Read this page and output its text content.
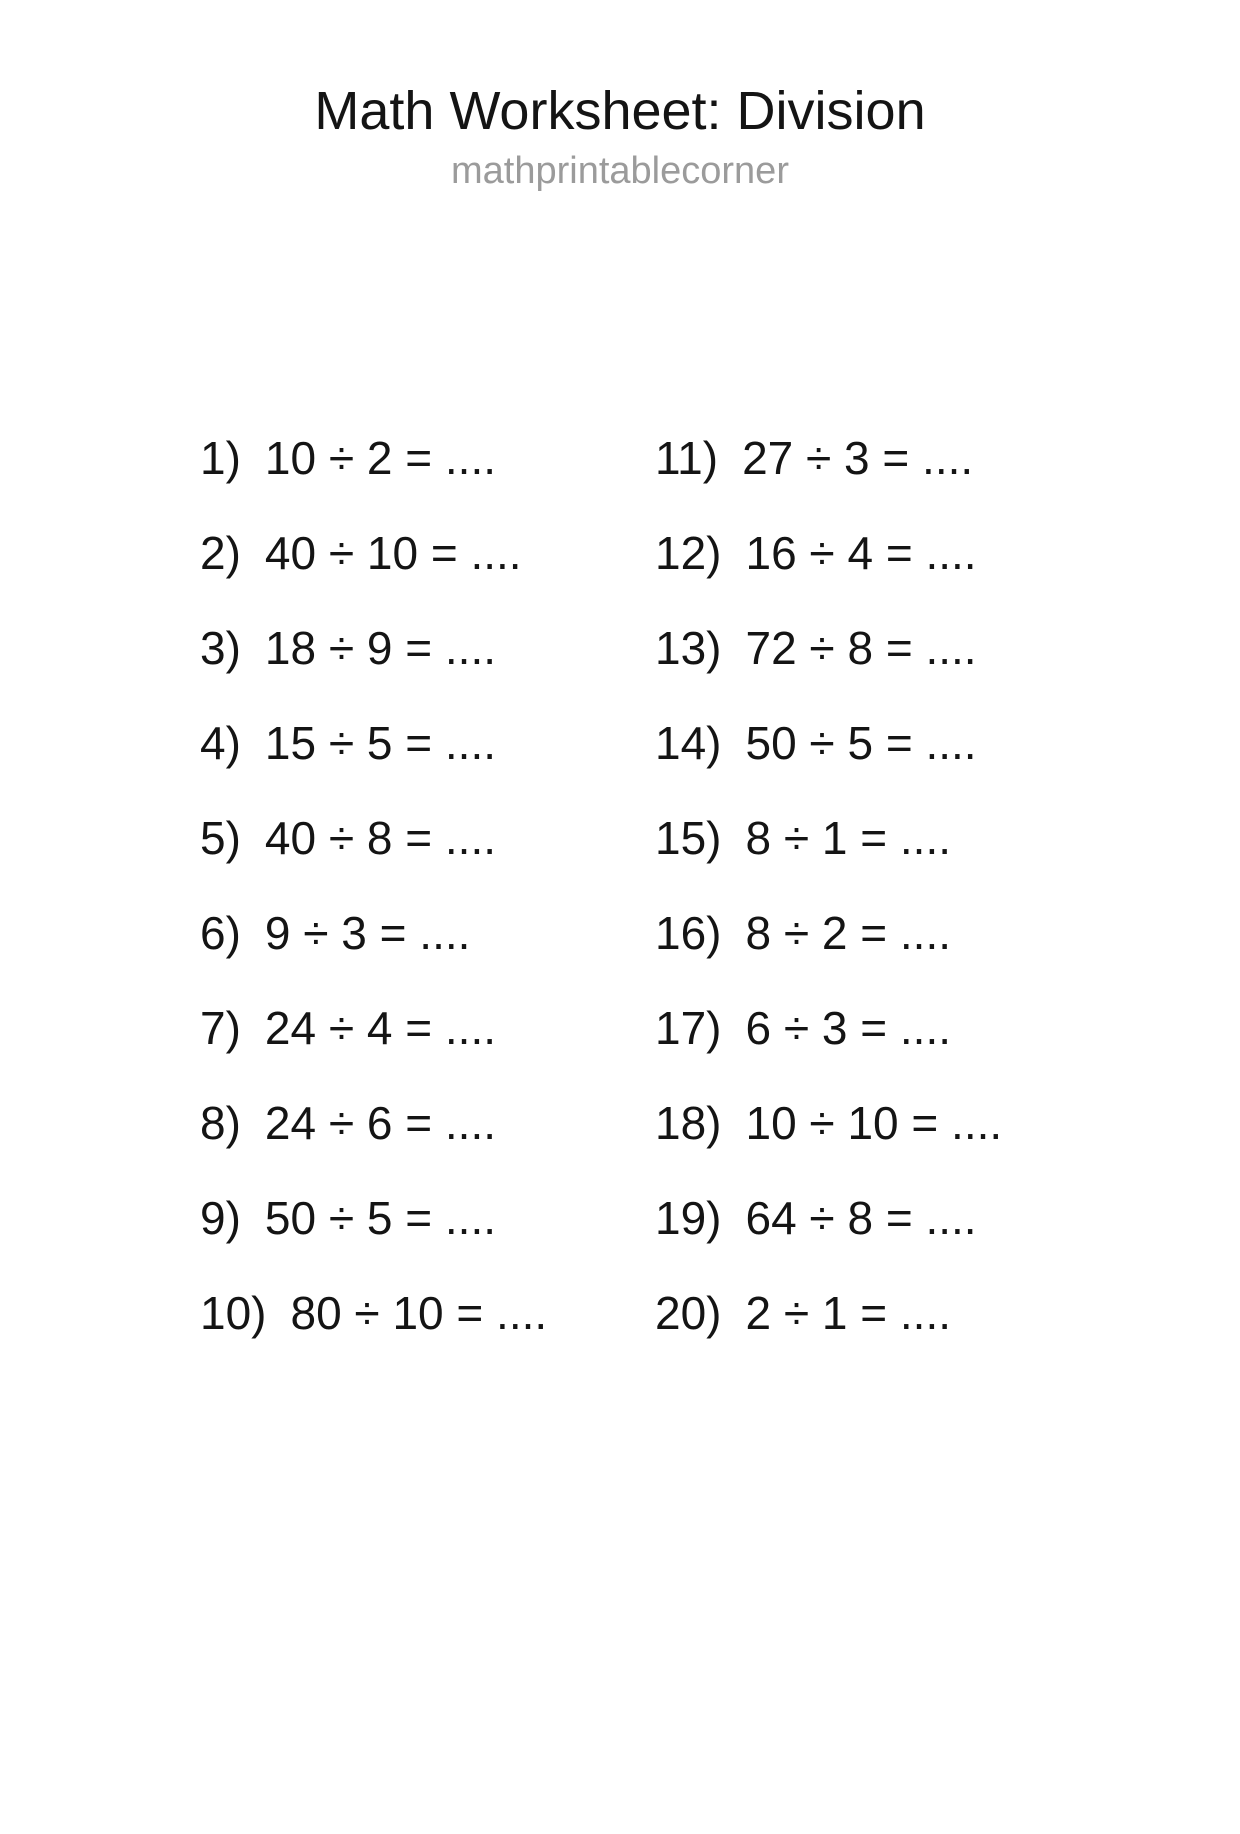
Math Worksheet: Division
mathprintablecorner
1) 10 ÷ 2 = ....
2) 40 ÷ 10 = ....
3) 18 ÷ 9 = ....
4) 15 ÷ 5 = ....
5) 40 ÷ 8 = ....
6) 9 ÷ 3 = ....
7) 24 ÷ 4 = ....
8) 24 ÷ 6 = ....
9) 50 ÷ 5 = ....
10) 80 ÷ 10 = ....
11) 27 ÷ 3 = ....
12) 16 ÷ 4 = ....
13) 72 ÷ 8 = ....
14) 50 ÷ 5 = ....
15) 8 ÷ 1 = ....
16) 8 ÷ 2 = ....
17) 6 ÷ 3 = ....
18) 10 ÷ 10 = ....
19) 64 ÷ 8 = ....
20) 2 ÷ 1 = ....
